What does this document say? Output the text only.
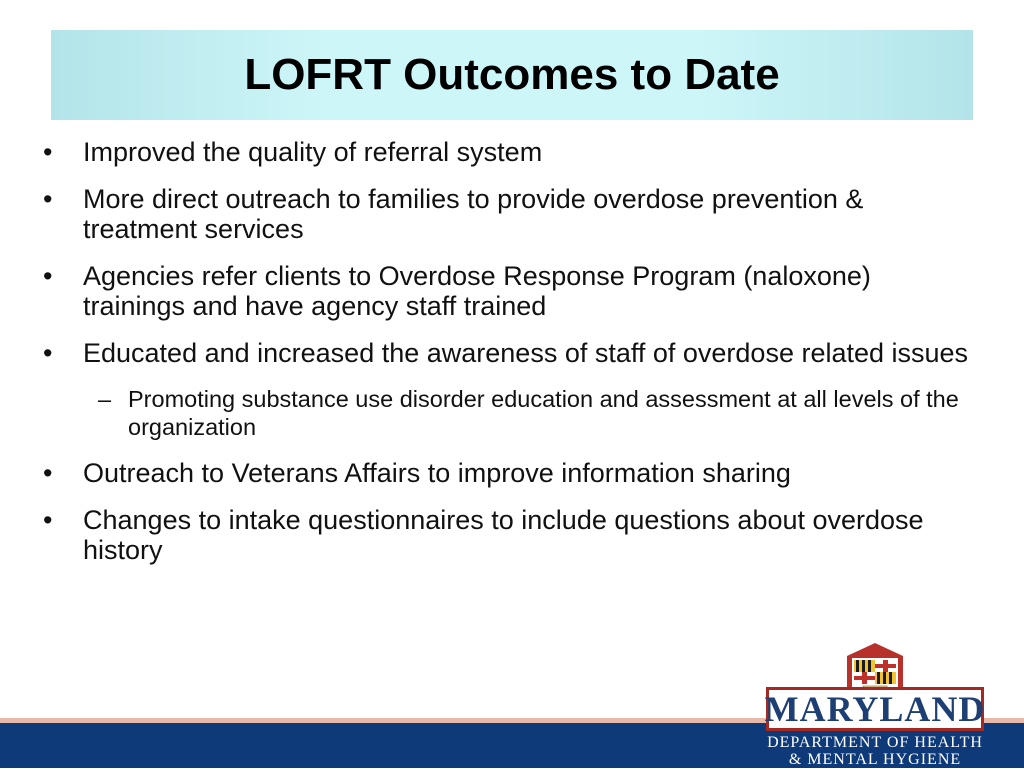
LOFRT Outcomes to Date
• Improved the quality of referral system
• More direct outreach to families to provide overdose prevention & treatment services
• Agencies refer clients to Overdose Response Program (naloxone) trainings and have agency staff trained
• Educated and increased the awareness of staff of overdose related issues
– Promoting substance use disorder education and assessment at all levels of the organization
• Outreach to Veterans Affairs to improve information sharing
• Changes to intake questionnaires to include questions about overdose history
MARYLAND
DEPARTMENT OF HEALTH
& MENTAL HYGIENE
